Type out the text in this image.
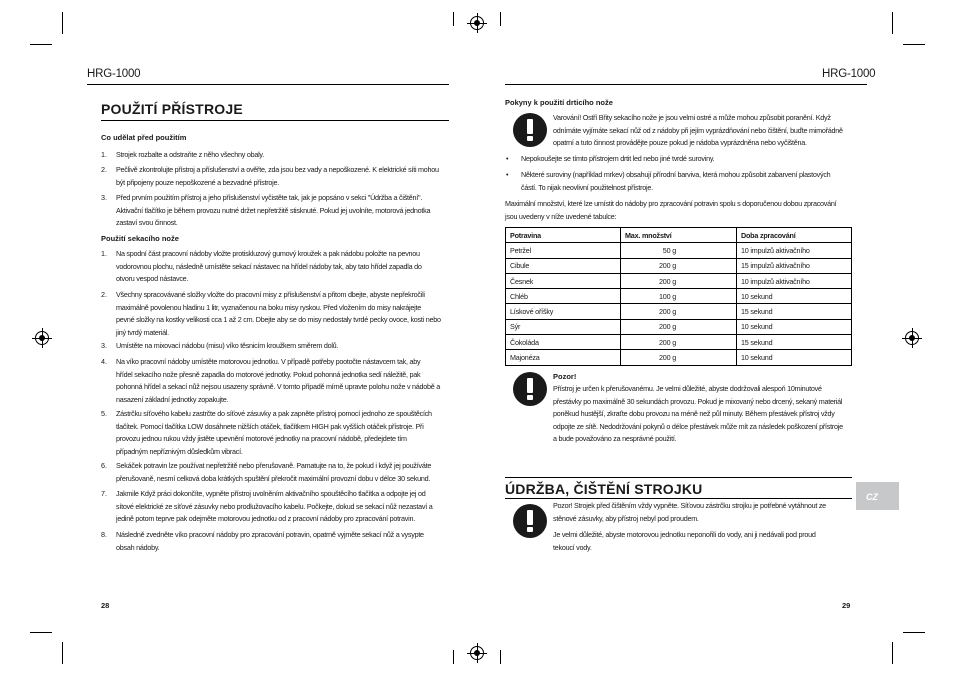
HRG-1000	HRG-1000
POUŽITÍ PŘÍSTROJE
Co udělat před použitím
1.	Strojek rozbalte a odstraňte z něho všechny obaly.
2.	Pečlivě zkontrolujte přístroj a příslušenství a ověřte, zda jsou bez vady a nepoškozené. K elektrické síti mohou
být připojeny pouze nepoškozené a bezvadné přístroje.
3.	Před prvním použitím přístroj a jeho příslušenství vyčistěte tak, jak je popsáno v sekci "Údržba a čištění".
Aktivační tlačítko je během provozu nutné držet nepřetržitě stisknuté. Pokud jej uvolníte, motorová jednotka
zastaví svou činnost.
Použití sekacího nože
1.	Na spodní část pracovní nádoby vložte protiskluzový gumový kroužek a pak nádobu položte na pevnou
vodorovnou plochu, následně umístěte sekací nástavec na hřídel nádoby tak, aby tato hřídel zapadla do
otvoru vespod nástavce.
2.	Všechny spracovávané složky vložte do pracovní misy z příslušenství a přitom dbejte, abyste nepřekročili
maximálně povolenou hladinu 1 litr, vyznačenou na boku misy ryskou. Před vložením do misy nakrájejte
pevné složky na kostky velikosti cca 1 až 2 cm. Dbejte aby se do misy nedostaly tvrdé pecky ovoce, kosti nebo
jiný tvrdý materiál.
3.	Umístěte na mixovací nádobu (misu) víko těsnicím kroužkem směrem dolů.
4.	Na víko pracovní nádoby umístěte motorovou jednotku. V případě potřeby pootočte nástavcem tak, aby
hřídel sekacího nože přesně zapadla do motorové jednotky. Pokud pohonná jednotka sedí náležitě, pak
pohonná hřídel a sekací nůž nejsou usazeny správně. V tomto případě mírně upravte polohu nože v nádobě a
nasazení základní jednotky zopakujte.
5.	Zástrčku síťového kabelu zastrčte do síťové zásuvky a pak zapněte přístroj pomocí jednoho ze spouštěcích
tlačítek. Pomocí tlačítka LOW dosáhnete nižších otáček, tlačítkem HIGH pak vyšších otáček přístroje. Při
provozu jednou rukou vždy jistěte upevnění motorové jednotky na pracovní nádobě, předejdete tím
případným nepříznivým důsledkům vibrací.
6.	Sekáček potravin lze používat nepřetržitě nebo přerušovaně. Pamatujte na to, že pokud i když jej používáte
přerušovaně, nesmí celková doba krátkých spuštění překročit maximální provozní dobu v délce 30 sekund.
7.	Jakmile Když práci dokončíte, vypněte přístroj uvolněním aktivačního spouštěcího tlačítka a odpojte jej od
sítové elektrické ze síťové zásuvky nebo prodlužovacího kabelu. Počkejte, dokud se sekací nůž nezastaví a
jedině potom teprve pak odejměte motorovou jednotku od z pracovní nádoby pro zpracování potravin.
8.	Následně zvedněte víko pracovní nádoby pro zpracování potravin, opatrně vyjměte sekací nůž a vysypte
obsah nádoby.
28
Pokyny k použití drticího nože
Varování! Ostří Břity sekacího nože je jsou velmi ostré a může mohou způsobit poranění. Když
odnímáte vyjímáte sekací nůž od z nádoby při jejím vyprázdňování nebo čištění, buďte mimořádně
opatrní a tuto činnost provádějte pouze pokud je nádoba vyprázdněna nebo vyčištěna.
•	Nepokoušejte se tímto přístrojem drtit led nebo jiné tvrdé suroviny.
•	Některé suroviny (například mrkev) obsahují přírodní barviva, která mohou způsobit zabarvení plastových
částí. To nijak neovlivní použitelnost přístroje.
Maximální množství, které lze umístit do nádoby pro zpracování potravin spolu s doporučenou dobou zpracování
jsou uvedeny v níže uvedené tabulce:
Potravina	Max. množství	Doba zpracování
Petržel	50 g	10 impulzů aktivačního
Cibule	200 g	15 impulzů aktivačního
Česnek	200 g	10 impulzů aktivačního
Chléb	100 g	10 sekund
Lískové oříšky	200 g	15 sekund
Sýr	200 g	10 sekund
Čokoláda	200 g	15 sekund
Majonéza	200 g	10 sekund
Pozor!
Přístroj je určen k přerušovanému. Je velmi důležité, abyste dodržovali alespoň 10minutové
přestávky po maximálně 30 sekundách provozu. Pokud je mixovaný nebo drcený, sekaný materiál
poněkud hustější, zkraťte dobu provozu na méně než půl minuty. Během přestávek přístroj vždy
odpojte ze sítě. Nedodržování pokynů o délce přestávek může mít za následek poškození přístroje
a bude považováno za nesprávné použití.
ÚDRŽBA, ČIŠTĚNÍ STROJKU	CZ
Pozor! Strojek před čištěním vždy vypněte. Síťovou zástrčku strojku je potřebné vytáhnout ze
stěnové zásuvky, aby přístroj nebyl pod proudem.
Je velmi důležité, abyste motorovou jednotku neponořili do vody, ani ji nedávali pod proud
tekoucí vody.
29
